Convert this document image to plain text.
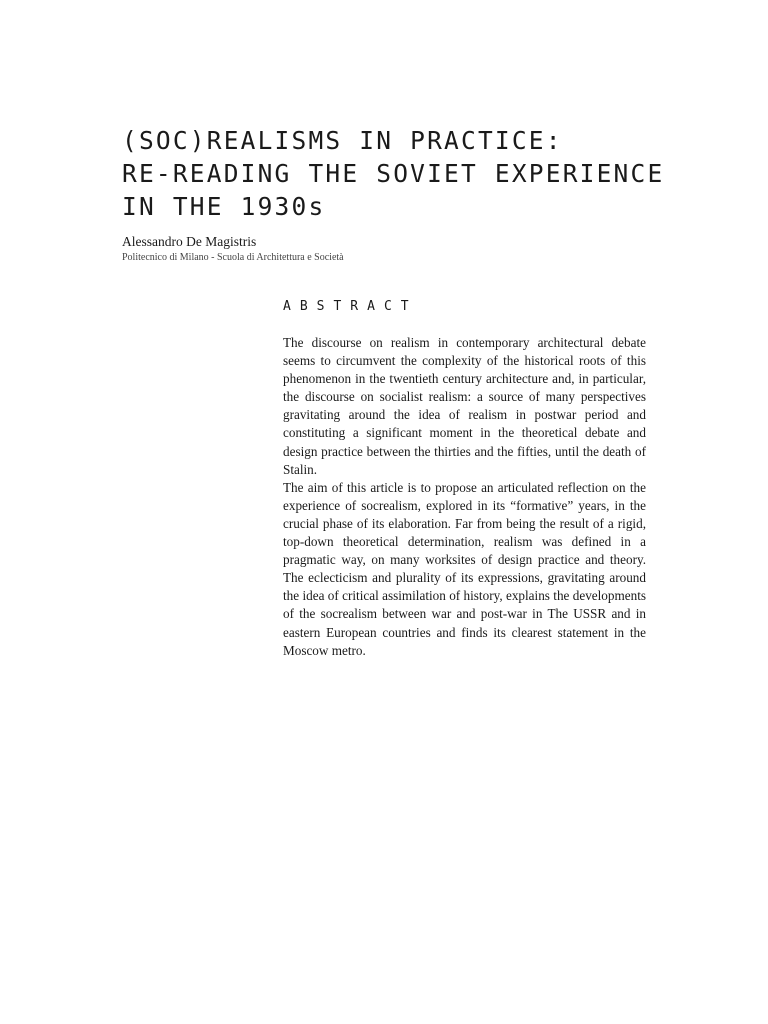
(SOC)REALISMS IN PRACTICE:
RE-READING THE SOVIET EXPERIENCE
IN THE 1930s
Alessandro De Magistris
Politecnico di Milano - Scuola di Architettura e Società
ABSTRACT

The discourse on realism in contemporary architectural debate seems to circumvent the complexity of the historical roots of this phenomenon in the twentieth century architecture and, in particular, the discourse on socialist realism: a source of many perspectives gravitating around the idea of realism in postwar period and constituting a significant moment in the theoretical debate and design practice between the thirties and the fifties, until the death of Stalin.

The aim of this article is to propose an articulated reflection on the experience of socrealism, explored in its “formative” years, in the crucial phase of its elaboration. Far from being the result of a rigid, top-down theoretical determination, realism was defined in a pragmatic way, on many worksites of design practice and theory. The eclecticism and plurality of its expressions, gravitating around the idea of critical assimilation of history, explains the developments of the socrealism between war and post-war in The USSR and in eastern European countries and finds its clearest statement in the Moscow metro.
